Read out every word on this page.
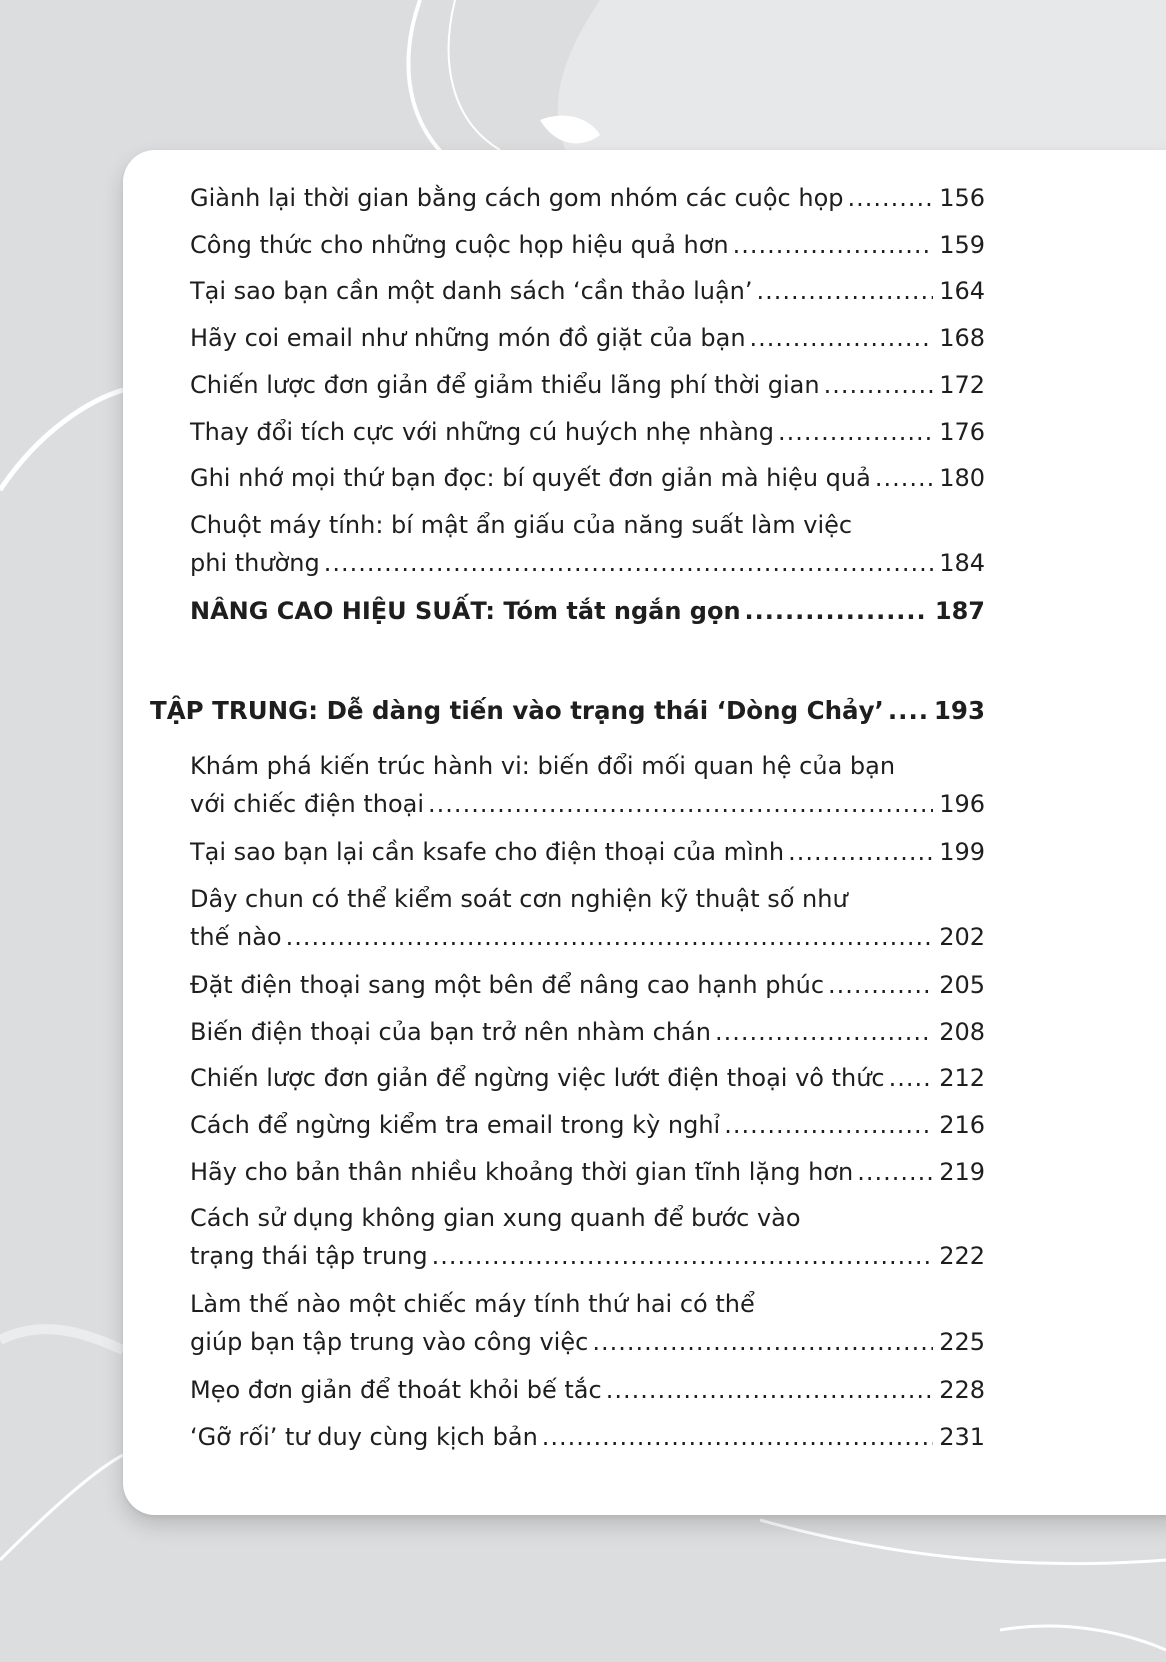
Giành lại thời gian bằng cách gom nhóm các cuộc họp .....	156
Công thức cho những cuộc họp hiệu quả hơn .....	159
Tại sao bạn cần một danh sách ‘cần thảo luận’ .....	164
Hãy coi email như những món đồ giặt của bạn .....	168
Chiến lược đơn giản để giảm thiểu lãng phí thời gian .....	172
Thay đổi tích cực với những cú huých nhẹ nhàng .....	176
Ghi nhớ mọi thứ bạn đọc: bí quyết đơn giản mà hiệu quả .....	180
Chuột máy tính: bí mật ẩn giấu của năng suất làm việc
phi thường .....	184
NÂNG CAO HIỆU SUẤT: Tóm tắt ngắn gọn .....	187
TẬP TRUNG: Dễ dàng tiến vào trạng thái ‘Dòng Chảy’ ..... 193
Khám phá kiến trúc hành vi: biến đổi mối quan hệ của bạn
với chiếc điện thoại .....	196
Tại sao bạn lại cần ksafe cho điện thoại của mình .....	199
Dây chun có thể kiểm soát cơn nghiện kỹ thuật số như
thế nào .....	202
Đặt điện thoại sang một bên để nâng cao hạnh phúc .....	205
Biến điện thoại của bạn trở nên nhàm chán .....	208
Chiến lược đơn giản để ngừng việc lướt điện thoại vô thức ..... 212
Cách để ngừng kiểm tra email trong kỳ nghỉ .....	216
Hãy cho bản thân nhiều khoảng thời gian tĩnh lặng hơn .....	219
Cách sử dụng không gian xung quanh để bước vào
trạng thái tập trung .....	222
Làm thế nào một chiếc máy tính thứ hai có thể
giúp bạn tập trung vào công việc .....	225
Mẹo đơn giản để thoát khỏi bế tắc .....	228
‘Gỡ rối’ tư duy cùng kịch bản .....	231
